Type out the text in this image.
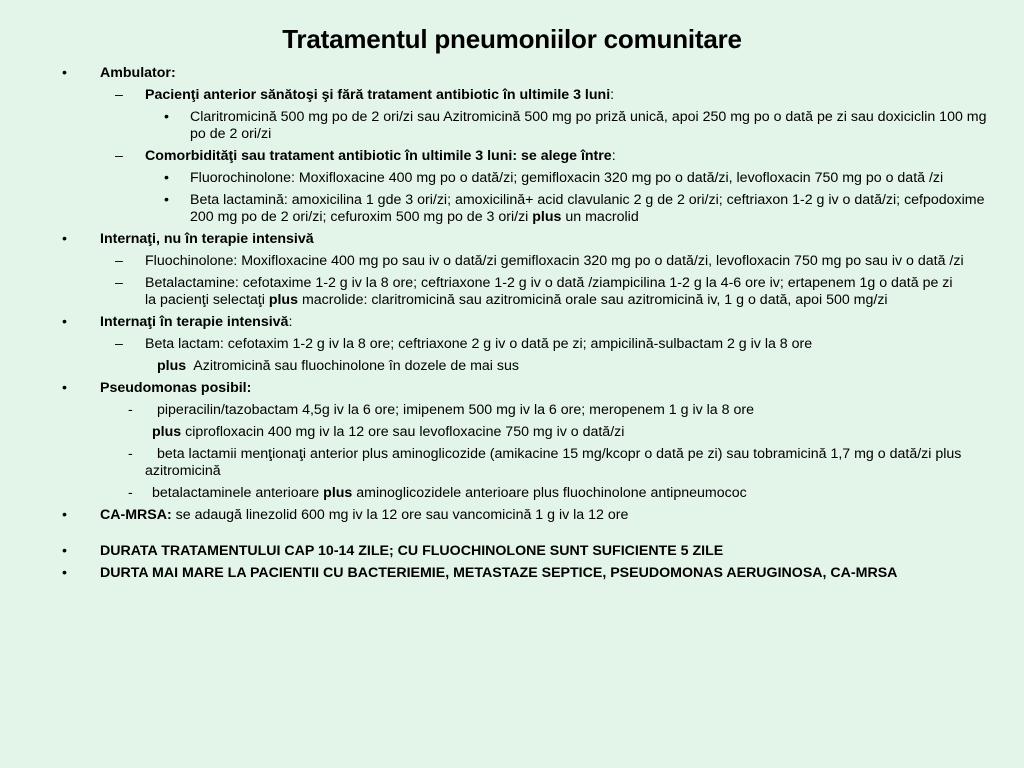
Tratamentul pneumoniilor comunitare
• Ambulator:
– Pacienţi anterior sănătoşi şi fără tratament antibiotic în ultimile 3 luni:
• Claritromicină 500 mg po de 2 ori/zi sau Azitromicină 500 mg po priză unică, apoi 250 mg po o dată pe zi sau doxiciclin 100 mg po de 2 ori/zi
– Comorbidităţi sau tratament antibiotic în ultimile 3 luni: se alege între:
• Fluorochinolone: Moxifloxacine 400 mg po o dată/zi; gemifloxacin 320 mg po o dată/zi, levofloxacin 750 mg po o dată /zi
• Beta lactamină: amoxicilina 1 gde 3 ori/zi; amoxicilină+ acid clavulanic 2 g de 2 ori/zi; ceftriaxon 1-2 g iv o dată/zi; cefpodoxime 200 mg po de 2 ori/zi; cefuroxim 500 mg po de 3 ori/zi plus un macrolid
• Internaţi, nu în terapie intensivă
– Fluochinolone: Moxifloxacine 400 mg po sau iv o dată/zi gemifloxacin 320 mg po o dată/zi, levofloxacin 750 mg po sau iv o dată /zi
– Betalactamine: cefotaxime 1-2 g iv la 8 ore; ceftriaxone 1-2 g iv o dată /ziampicilina 1-2 g la 4-6 ore iv; ertapenem 1g o dată pe zi la pacienţi selectaţi plus macrolide: claritromicină sau azitromicină orale sau azitromicină iv, 1 g o dată, apoi 500 mg/zi
• Internaţi în terapie intensivă:
– Beta lactam: cefotaxim 1-2 g iv la 8 ore; ceftriaxone 2 g iv o dată pe zi; ampicilină-sulbactam 2 g iv la 8 ore
plus Azitromicină sau fluochinolone în dozele de mai sus
• Pseudomonas posibil:
- piperacilin/tazobactam 4,5g iv la 6 ore; imipenem 500 mg iv la 6 ore; meropenem 1 g iv la 8 ore
plus ciprofloxacin 400 mg iv la 12 ore sau levofloxacine 750 mg iv o dată/zi
-	beta lactamii menţionaţi anterior plus aminoglicozide (amikacine 15 mg/kcopr o dată pe zi) sau tobramicină 1,7 mg o dată/zi plus azitromicină
- betalactaminele anterioare plus aminoglicozidele anterioare plus fluochinolone antipneumococ
• CA-MRSA: se adaugă linezolid 600 mg iv la 12 ore sau vancomicină 1 g iv la 12 ore
• DURATA TRATAMENTULUI CAP 10-14 ZILE; CU FLUOCHINOLONE SUNT SUFICIENTE 5 ZILE
• DURTA MAI MARE LA PACIENTII CU BACTERIEMIE, METASTAZE SEPTICE, PSEUDOMONAS AERUGINOSA, CA-MRSA
